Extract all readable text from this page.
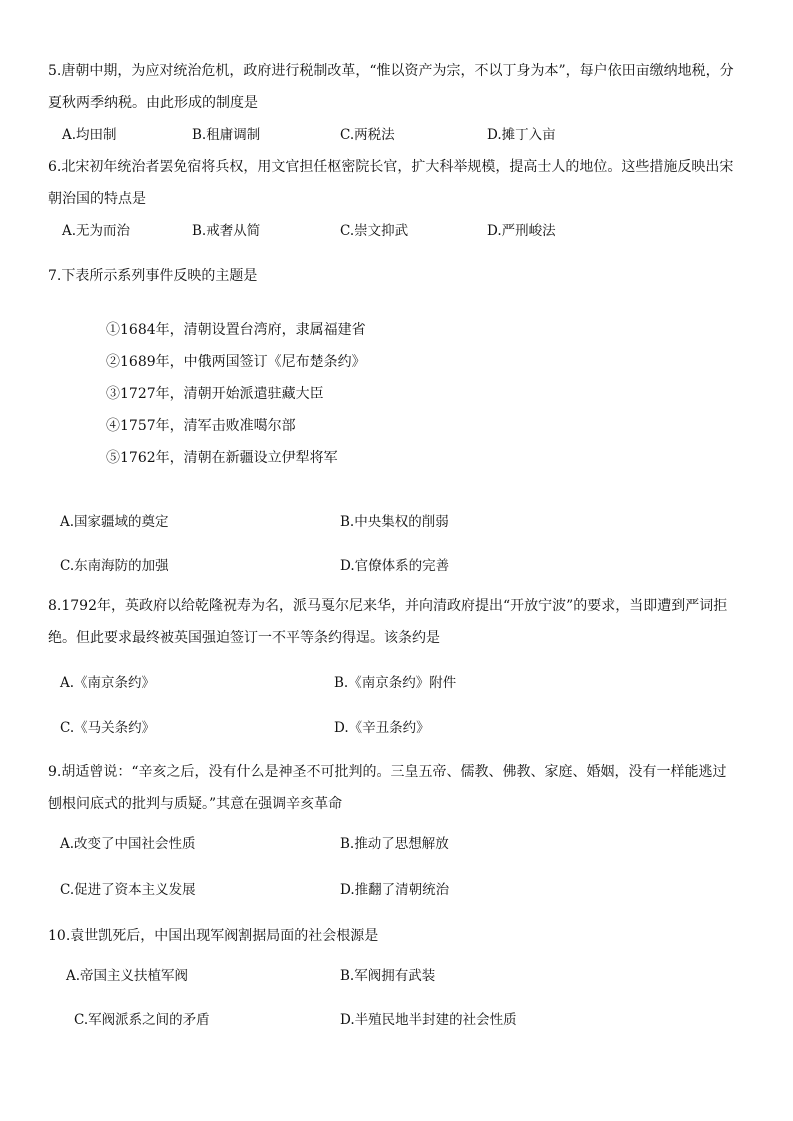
5.唐朝中期，为应对统治危机，政府进行税制改革，“惟以资产为宗，不以丁身为本”，每户依田亩缴纳地税，分
夏秋两季纳税。由此形成的制度是
A.均田制	B.租庸调制	C.两税法	D.摊丁入亩
6.北宋初年统治者罢免宿将兵权，用文官担任枢密院长官，扩大科举规模，提高士人的地位。这些措施反映出宋
朝治国的特点是
A.无为而治	B.戒奢从简	C.崇文抑武	D.严刑峻法
7.下表所示系列事件反映的主题是
①1684年，清朝设置台湾府，隶属福建省
②1689年，中俄两国签订《尼布楚条约》
③1727年，清朝开始派遣驻藏大臣
④1757年，清军击败准噶尔部
⑤1762年，清朝在新疆设立伊犁将军
A.国家疆域的奠定	B.中央集权的削弱
C.东南海防的加强	D.官僚体系的完善
8.1792年，英政府以给乾隆祝寿为名，派马戛尔尼来华，并向清政府提出“开放宁波”的要求，当即遭到严词拒
绝。但此要求最终被英国强迫签订一不平等条约得逞。该条约是
A.《南京条约》	B.《南京条约》附件
C.《马关条约》	D.《辛丑条约》
9.胡适曾说：“辛亥之后，没有什么是神圣不可批判的。三皇五帝、儒教、佛教、家庭、婚姻，没有一样能逃过
刨根问底式的批判与质疑。”其意在强调辛亥革命
A.改变了中国社会性质	B.推动了思想解放
C.促进了资本主义发展	D.推翻了清朝统治
10.袁世凯死后，中国出现军阀割据局面的社会根源是
A.帝国主义扶植军阀	B.军阀拥有武装
C.军阀派系之间的矛盾	D.半殖民地半封建的社会性质
